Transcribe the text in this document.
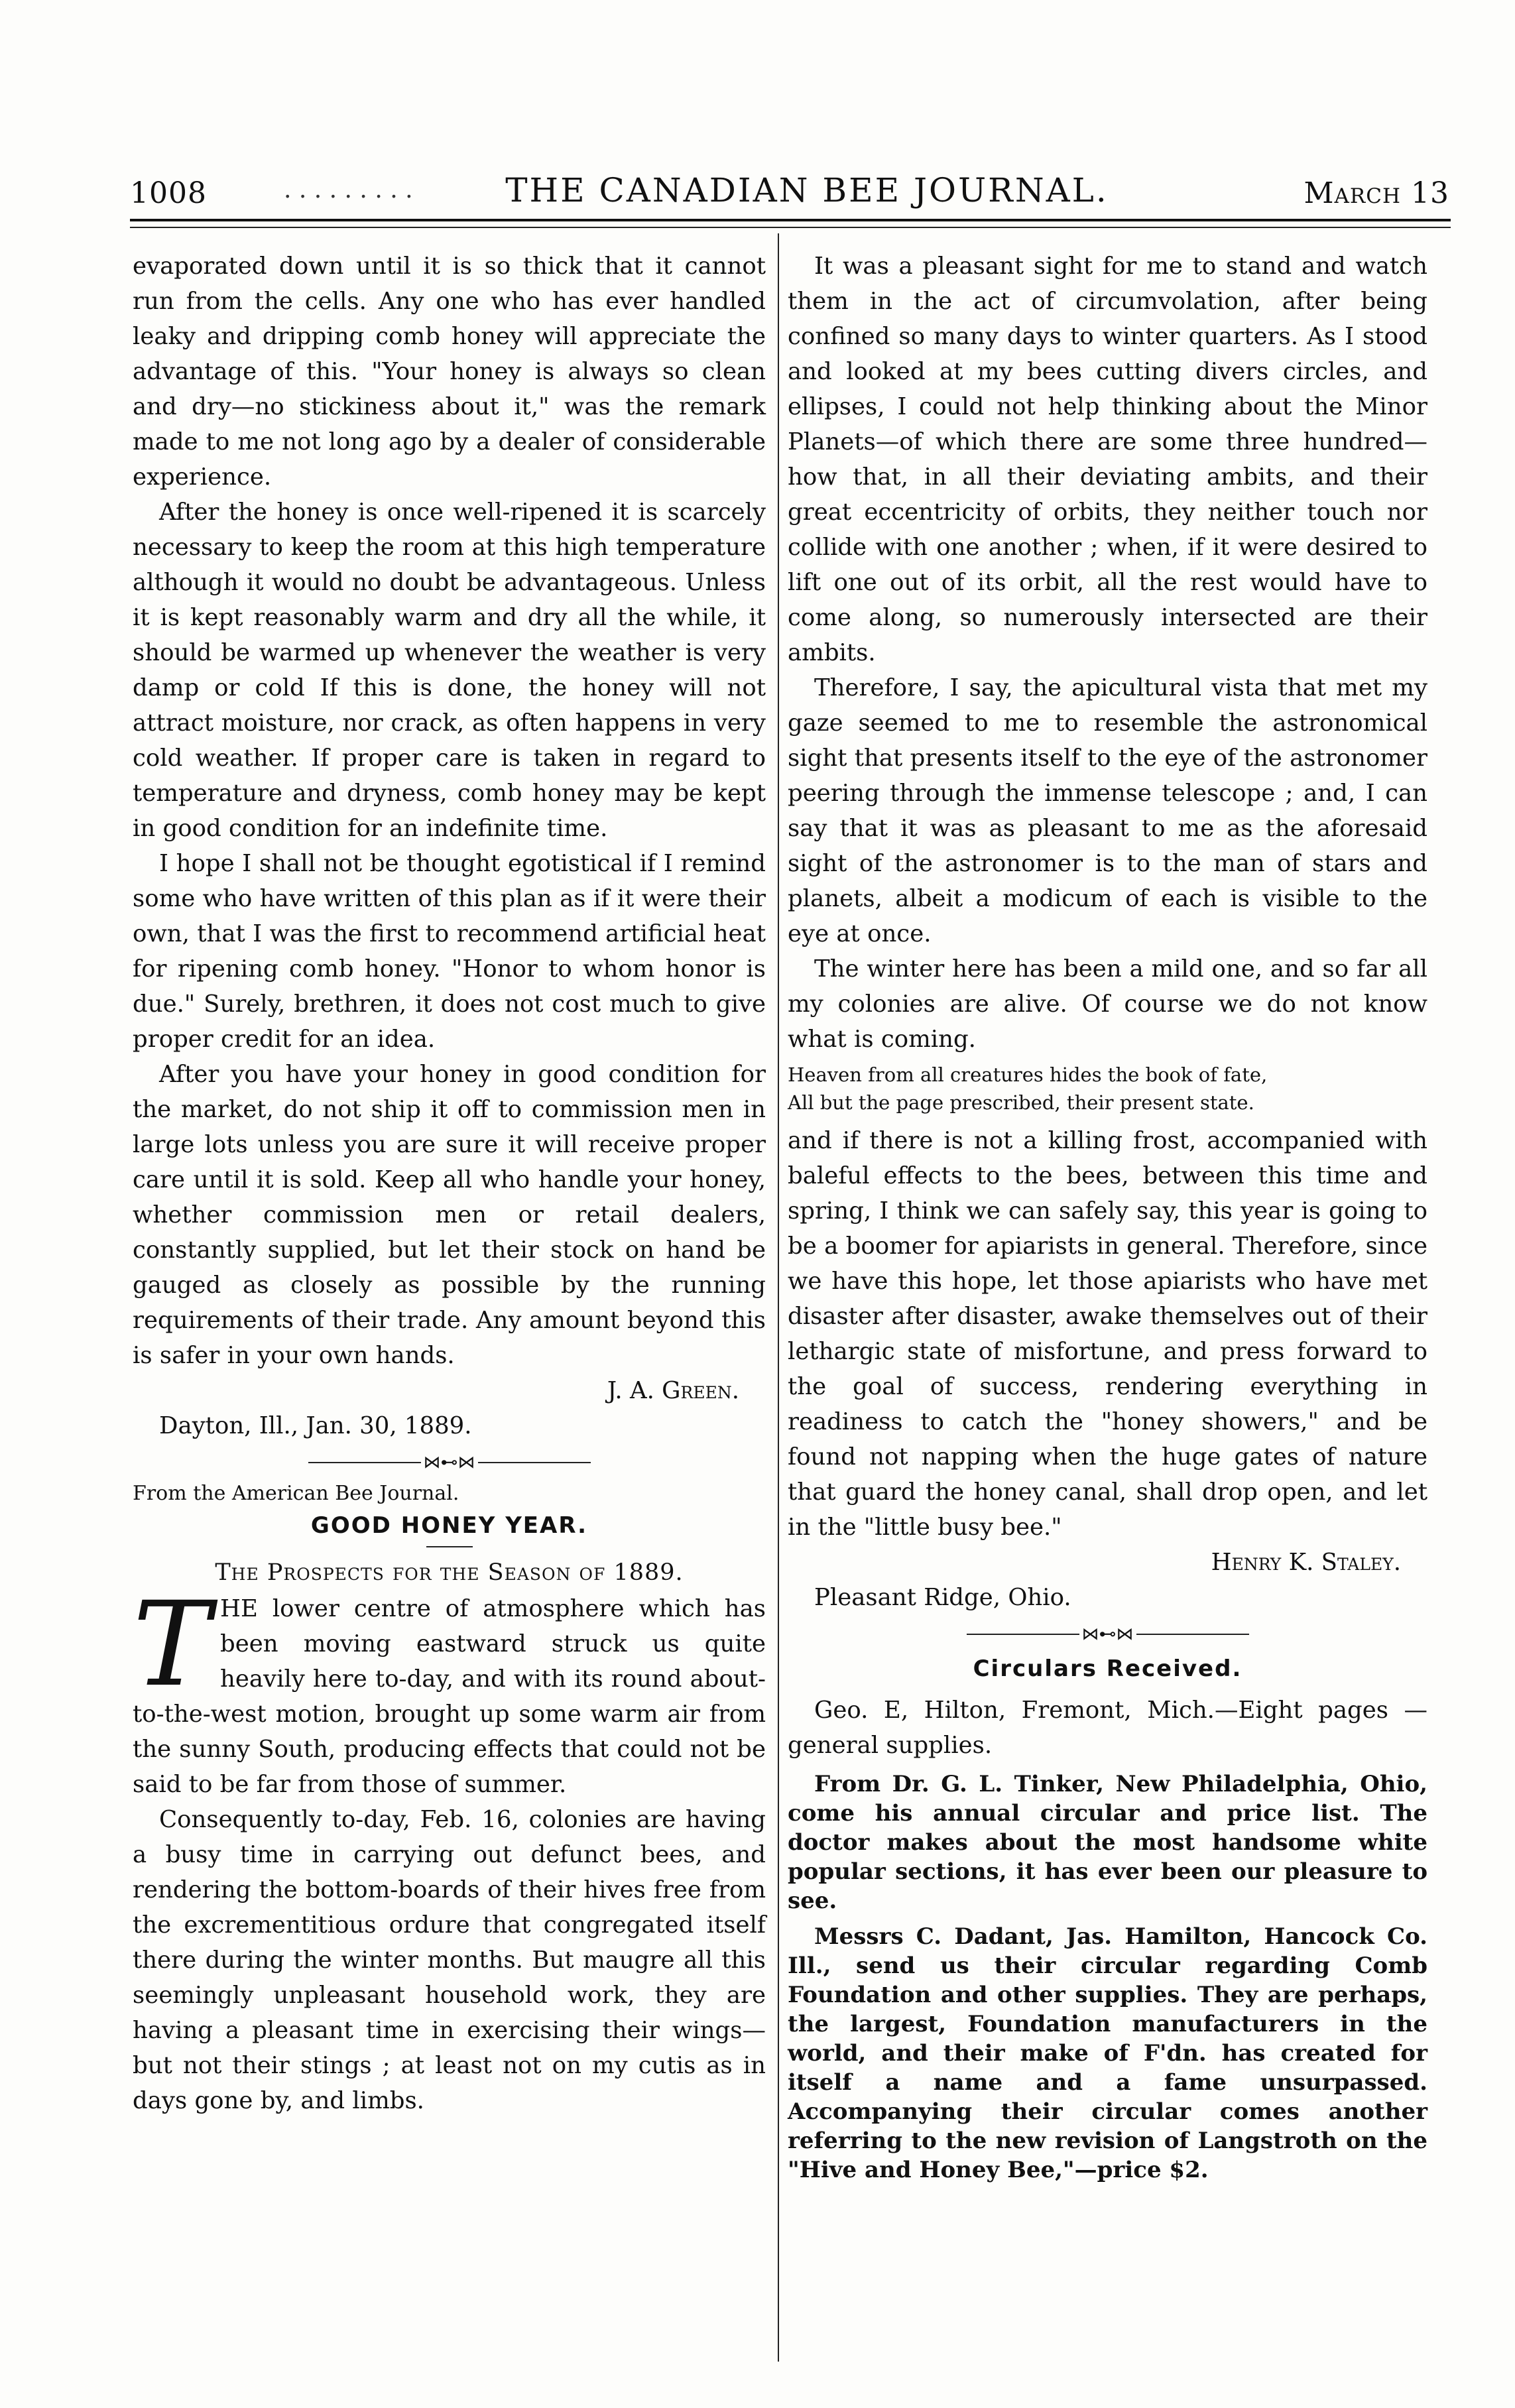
1008	. . . . . . . . .	THE CANADIAN BEE JOURNAL.	March 13

evaporated down until it is so thick that it cannot run from the cells. Any one who has ever handled leaky and dripping comb honey will appreciate the advantage of this. "Your honey is always so clean and dry—no stickiness about it," was the remark made to me not long ago by a dealer of considerable experience.

After the honey is once well-ripened it is scarcely necessary to keep the room at this high temperature although it would no doubt be advantageous. Unless it is kept reasonably warm and dry all the while, it should be warmed up whenever the weather is very damp or cold If this is done, the honey will not attract moisture, nor crack, as often happens in very cold weather. If proper care is taken in regard to temperature and dryness, comb honey may be kept in good condition for an indefinite time.

I hope I shall not be thought egotistical if I remind some who have written of this plan as if it were their own, that I was the first to recommend artificial heat for ripening comb honey. "Honor to whom honor is due." Surely, brethren, it does not cost much to give proper credit for an idea.

After you have your honey in good condition for the market, do not ship it off to commission men in large lots unless you are sure it will receive proper care until it is sold. Keep all who handle your honey, whether commission men or retail dealers, constantly supplied, but let their stock on hand be gauged as closely as possible by the running requirements of their trade. Any amount beyond this is safer in your own hands.

J. A. Green.

Dayton, Ill., Jan. 30, 1889.

⋈⊷⋈

From the American Bee Journal.

GOOD HONEY YEAR.

The Prospects for the Season of 1889.

THE lower centre of atmosphere which has been moving eastward struck us quite heavily here to-day, and with its round about-to-the-west motion, brought up some warm air from the sunny South, producing effects that could not be said to be far from those of summer.

Consequently to-day, Feb. 16, colonies are having a busy time in carrying out defunct bees, and rendering the bottom-boards of their hives free from the excrementitious ordure that congregated itself there during the winter months. But maugre all this seemingly unpleasant household work, they are having a pleasant time in exercising their wings—but not their stings ; at least not on my cutis as in days gone by, and limbs.

It was a pleasant sight for me to stand and watch them in the act of circumvolation, after being confined so many days to winter quarters. As I stood and looked at my bees cutting divers circles, and ellipses, I could not help thinking about the Minor Planets—of which there are some three hundred—how that, in all their deviating ambits, and their great eccentricity of orbits, they neither touch nor collide with one another ; when, if it were desired to lift one out of its orbit, all the rest would have to come along, so numerously intersected are their ambits.

Therefore, I say, the apicultural vista that met my gaze seemed to me to resemble the astronomical sight that presents itself to the eye of the astronomer peering through the immense telescope ; and, I can say that it was as pleasant to me as the aforesaid sight of the astronomer is to the man of stars and planets, albeit a modicum of each is visible to the eye at once.

The winter here has been a mild one, and so far all my colonies are alive. Of course we do not know what is coming.

Heaven from all creatures hides the book of fate,
All but the page prescribed, their present state.

and if there is not a killing frost, accompanied with baleful effects to the bees, between this time and spring, I think we can safely say, this year is going to be a boomer for apiarists in general. Therefore, since we have this hope, let those apiarists who have met disaster after disaster, awake themselves out of their lethargic state of misfortune, and press forward to the goal of success, rendering everything in readiness to catch the "honey showers," and be found not napping when the huge gates of nature that guard the honey canal, shall drop open, and let in the "little busy bee."

Henry K. Staley.

Pleasant Ridge, Ohio.

⋈⊷⋈

Circulars Received.

Geo. E, Hilton, Fremont, Mich.—Eight pages —general supplies.

From Dr. G. L. Tinker, New Philadelphia, Ohio, come his annual circular and price list. The doctor makes about the most handsome white popular sections, it has ever been our pleasure to see.

Messrs C. Dadant, Jas. Hamilton, Hancock Co. Ill., send us their circular regarding Comb Foundation and other supplies. They are perhaps, the largest, Foundation manufacturers in the world, and their make of F'dn. has created for itself a name and a fame unsurpassed. Accompanying their circular comes another referring to the new revision of Langstroth on the "Hive and Honey Bee,"—price $2.
